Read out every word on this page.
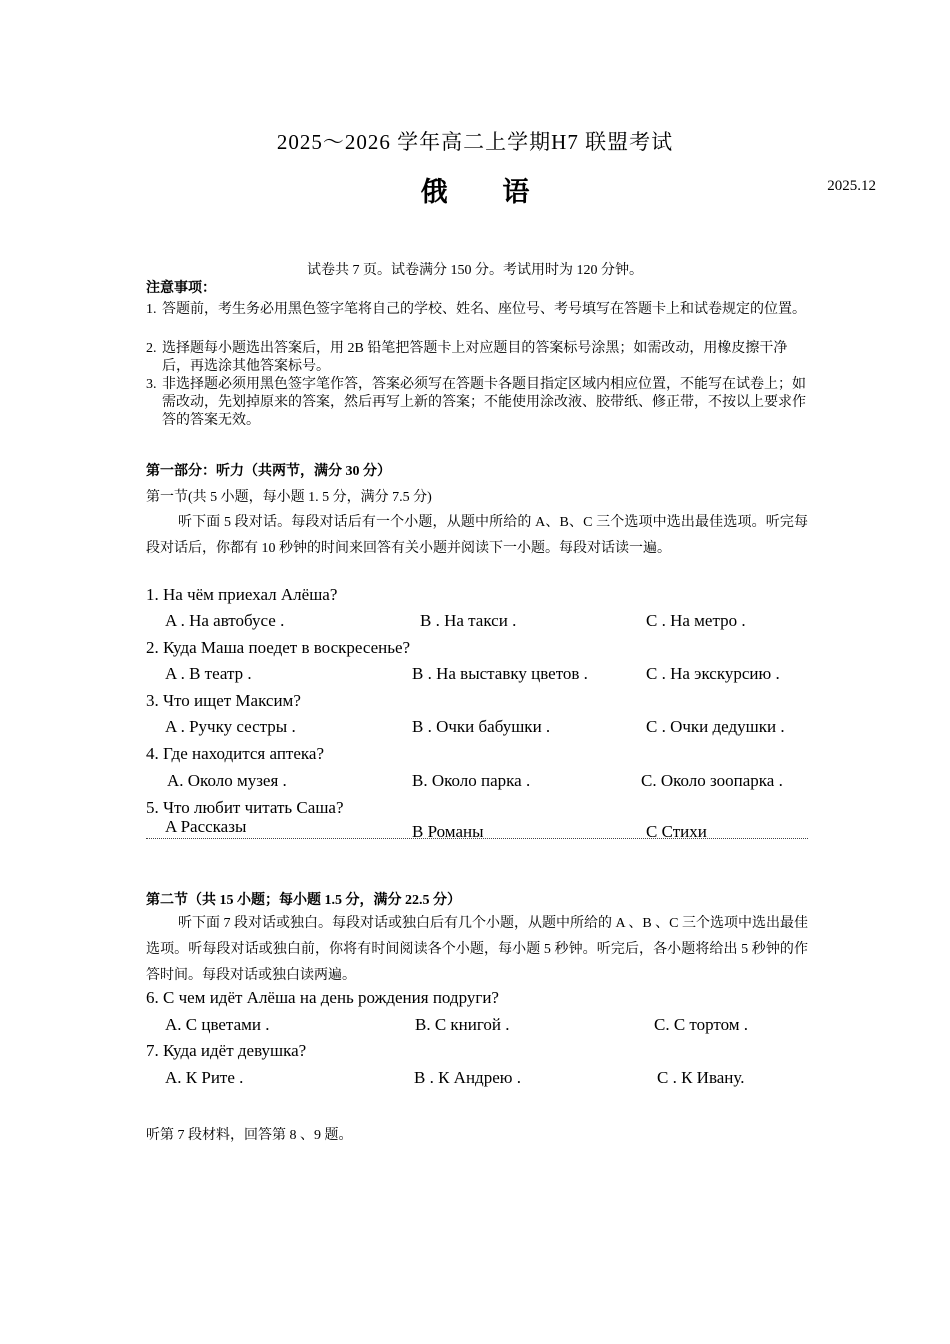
2025～2026 学年高二上学期H7 联盟考试
俄 语	2025.12
试卷共 7 页。试卷满分 150 分。考试用时为 120 分钟。
注意事项：
1. 答题前，考生务必用黑色签字笔将自己的学校、姓名、座位号、考号填写在答题卡上和试卷规定的位置。
2. 选择题每小题选出答案后，用 2B 铅笔把答题卡上对应题目的答案标号涂黑；如需改动，用橡皮擦干净后，再选涂其他答案标号。
3. 非选择题必须用黑色签字笔作答，答案必须写在答题卡各题目指定区域内相应位置，不能写在试卷上；如需改动，先划掉原来的答案，然后再写上新的答案；不能使用涂改液、胶带纸、修正带，不按以上要求作答的答案无效。
第一部分：听力（共两节，满分 30 分）
第一节(共 5 小题，每小题 1. 5 分，满分 7.5 分)
听下面 5 段对话。每段对话后有一个小题，从题中所给的 A、B、C 三个选项中选出最佳选项。听完每段对话后，你都有 10 秒钟的时间来回答有关小题并阅读下一小题。每段对话读一遍。
1. На чём приехал Алёша?
A . На автобусе .	B . На такси .	C . На метро .
2. Куда Маша поедет в воскресенье?
A . В театр .	B . На выставку цветов .	C . На экскурсию .
3. Что ищет Максим?
A . Ручку сестры .	B . Очки бабушки .	C . Очки дедушки .
4. Где находится аптека?
A. Около музея .	B. Около парка .	C. Около зоопарка .
5. Что любит читать Саша?
A Рассказы	B Романы	C Стихи
第二节（共 15 小题；每小题 1.5 分，满分 22.5 分）
听下面 7 段对话或独白。每段对话或独白后有几个小题，从题中所给的 A 、B 、C 三个选项中选出最佳选项。听每段对话或独白前，你将有时间阅读各个小题，每小题 5 秒钟。听完后，各小题将给出 5 秒钟的作答时间。每段对话或独白读两遍。
6. С чем идёт Алёша на день рождения подруги?
A. С цветами .	B. С книгой .	C. С тортом .
7. Куда идёт девушка?
A. К Рите .	B . К Андрею .	C . К Ивану.
听第 7 段材料，回答第 8 、9 题。
